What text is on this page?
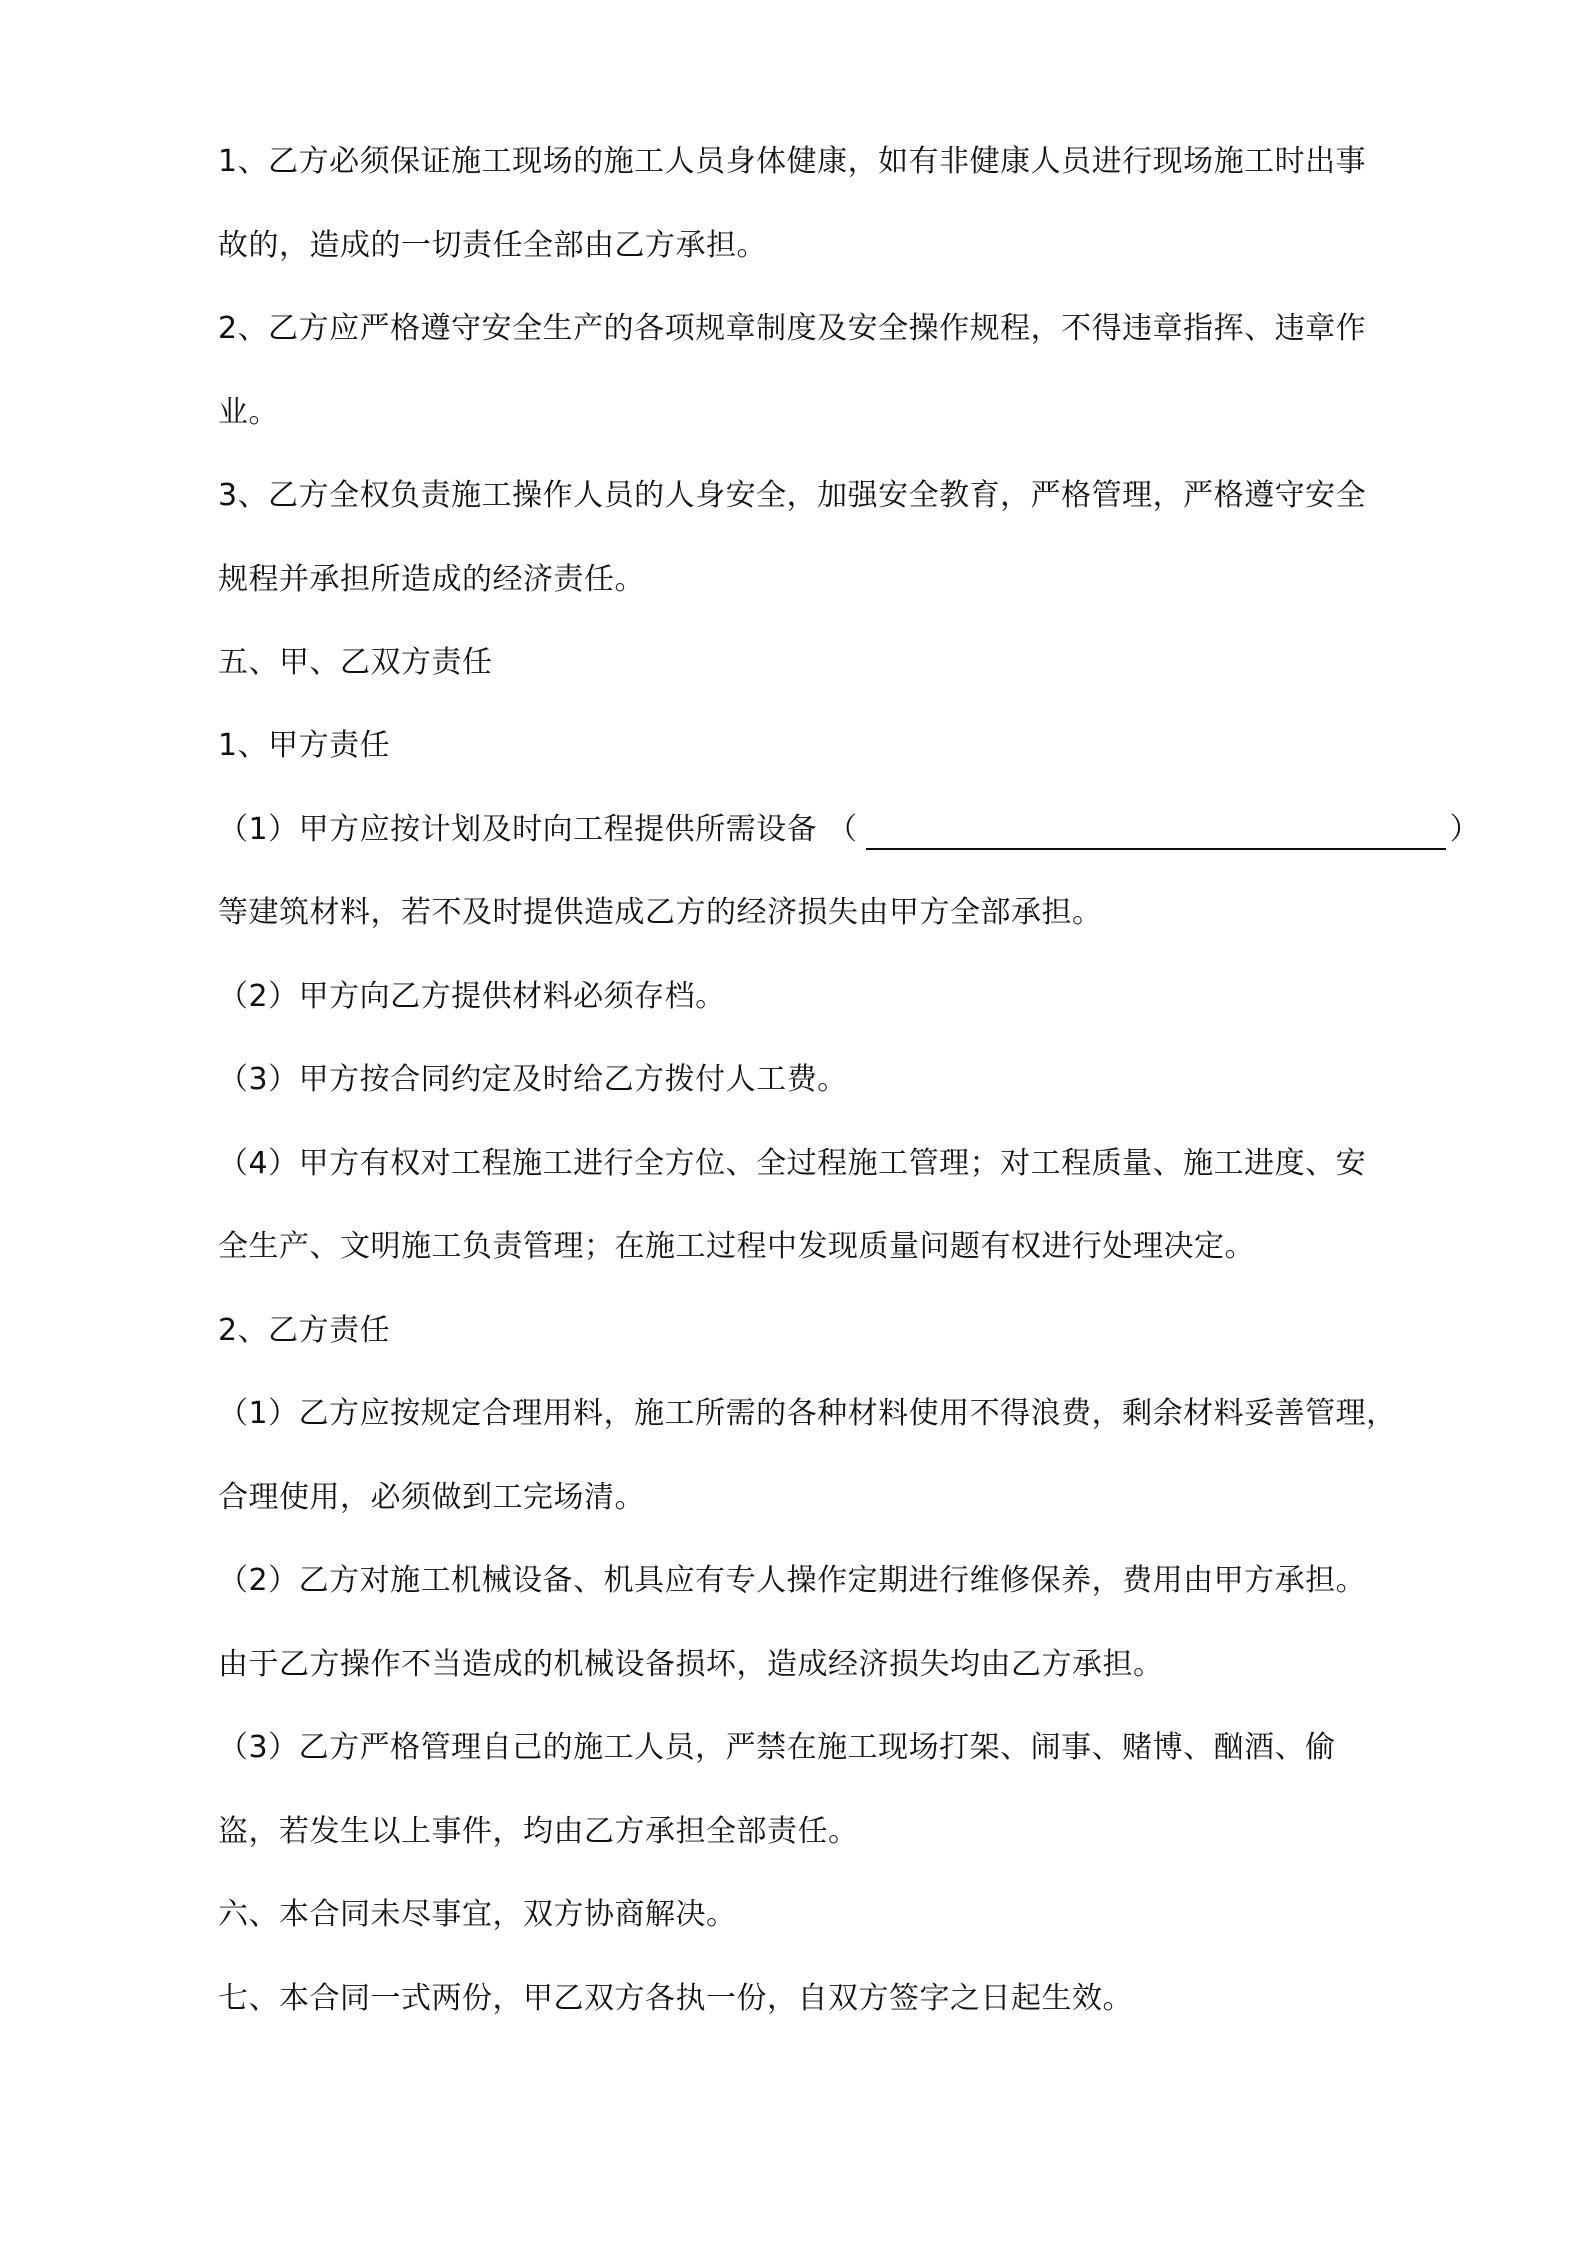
1、乙方必须保证施工现场的施工人员身体健康，如有非健康人员进行现场施工时出事
故的，造成的一切责任全部由乙方承担。
2、乙方应严格遵守安全生产的各项规章制度及安全操作规程，不得违章指挥、违章作
业。
3、乙方全权负责施工操作人员的人身安全，加强安全教育，严格管理，严格遵守安全
规程并承担所造成的经济责任。
五、甲、乙双方责任
1、甲方责任
（1）甲方应按计划及时向工程提供所需设备 （	）
等建筑材料，若不及时提供造成乙方的经济损失由甲方全部承担。
（2）甲方向乙方提供材料必须存档。
（3）甲方按合同约定及时给乙方拨付人工费。
（4）甲方有权对工程施工进行全方位、全过程施工管理；对工程质量、施工进度、安
全生产、文明施工负责管理；在施工过程中发现质量问题有权进行处理决定。
2、乙方责任
（1）乙方应按规定合理用料，施工所需的各种材料使用不得浪费，剩余材料妥善管理，
合理使用，必须做到工完场清。
（2）乙方对施工机械设备、机具应有专人操作定期进行维修保养，费用由甲方承担。
由于乙方操作不当造成的机械设备损坏，造成经济损失均由乙方承担。
（3）乙方严格管理自己的施工人员，严禁在施工现场打架、闹事、赌博、酗酒、偷
盗，若发生以上事件，均由乙方承担全部责任。
六、本合同未尽事宜，双方协商解决。
七、本合同一式两份，甲乙双方各执一份，自双方签字之日起生效。
